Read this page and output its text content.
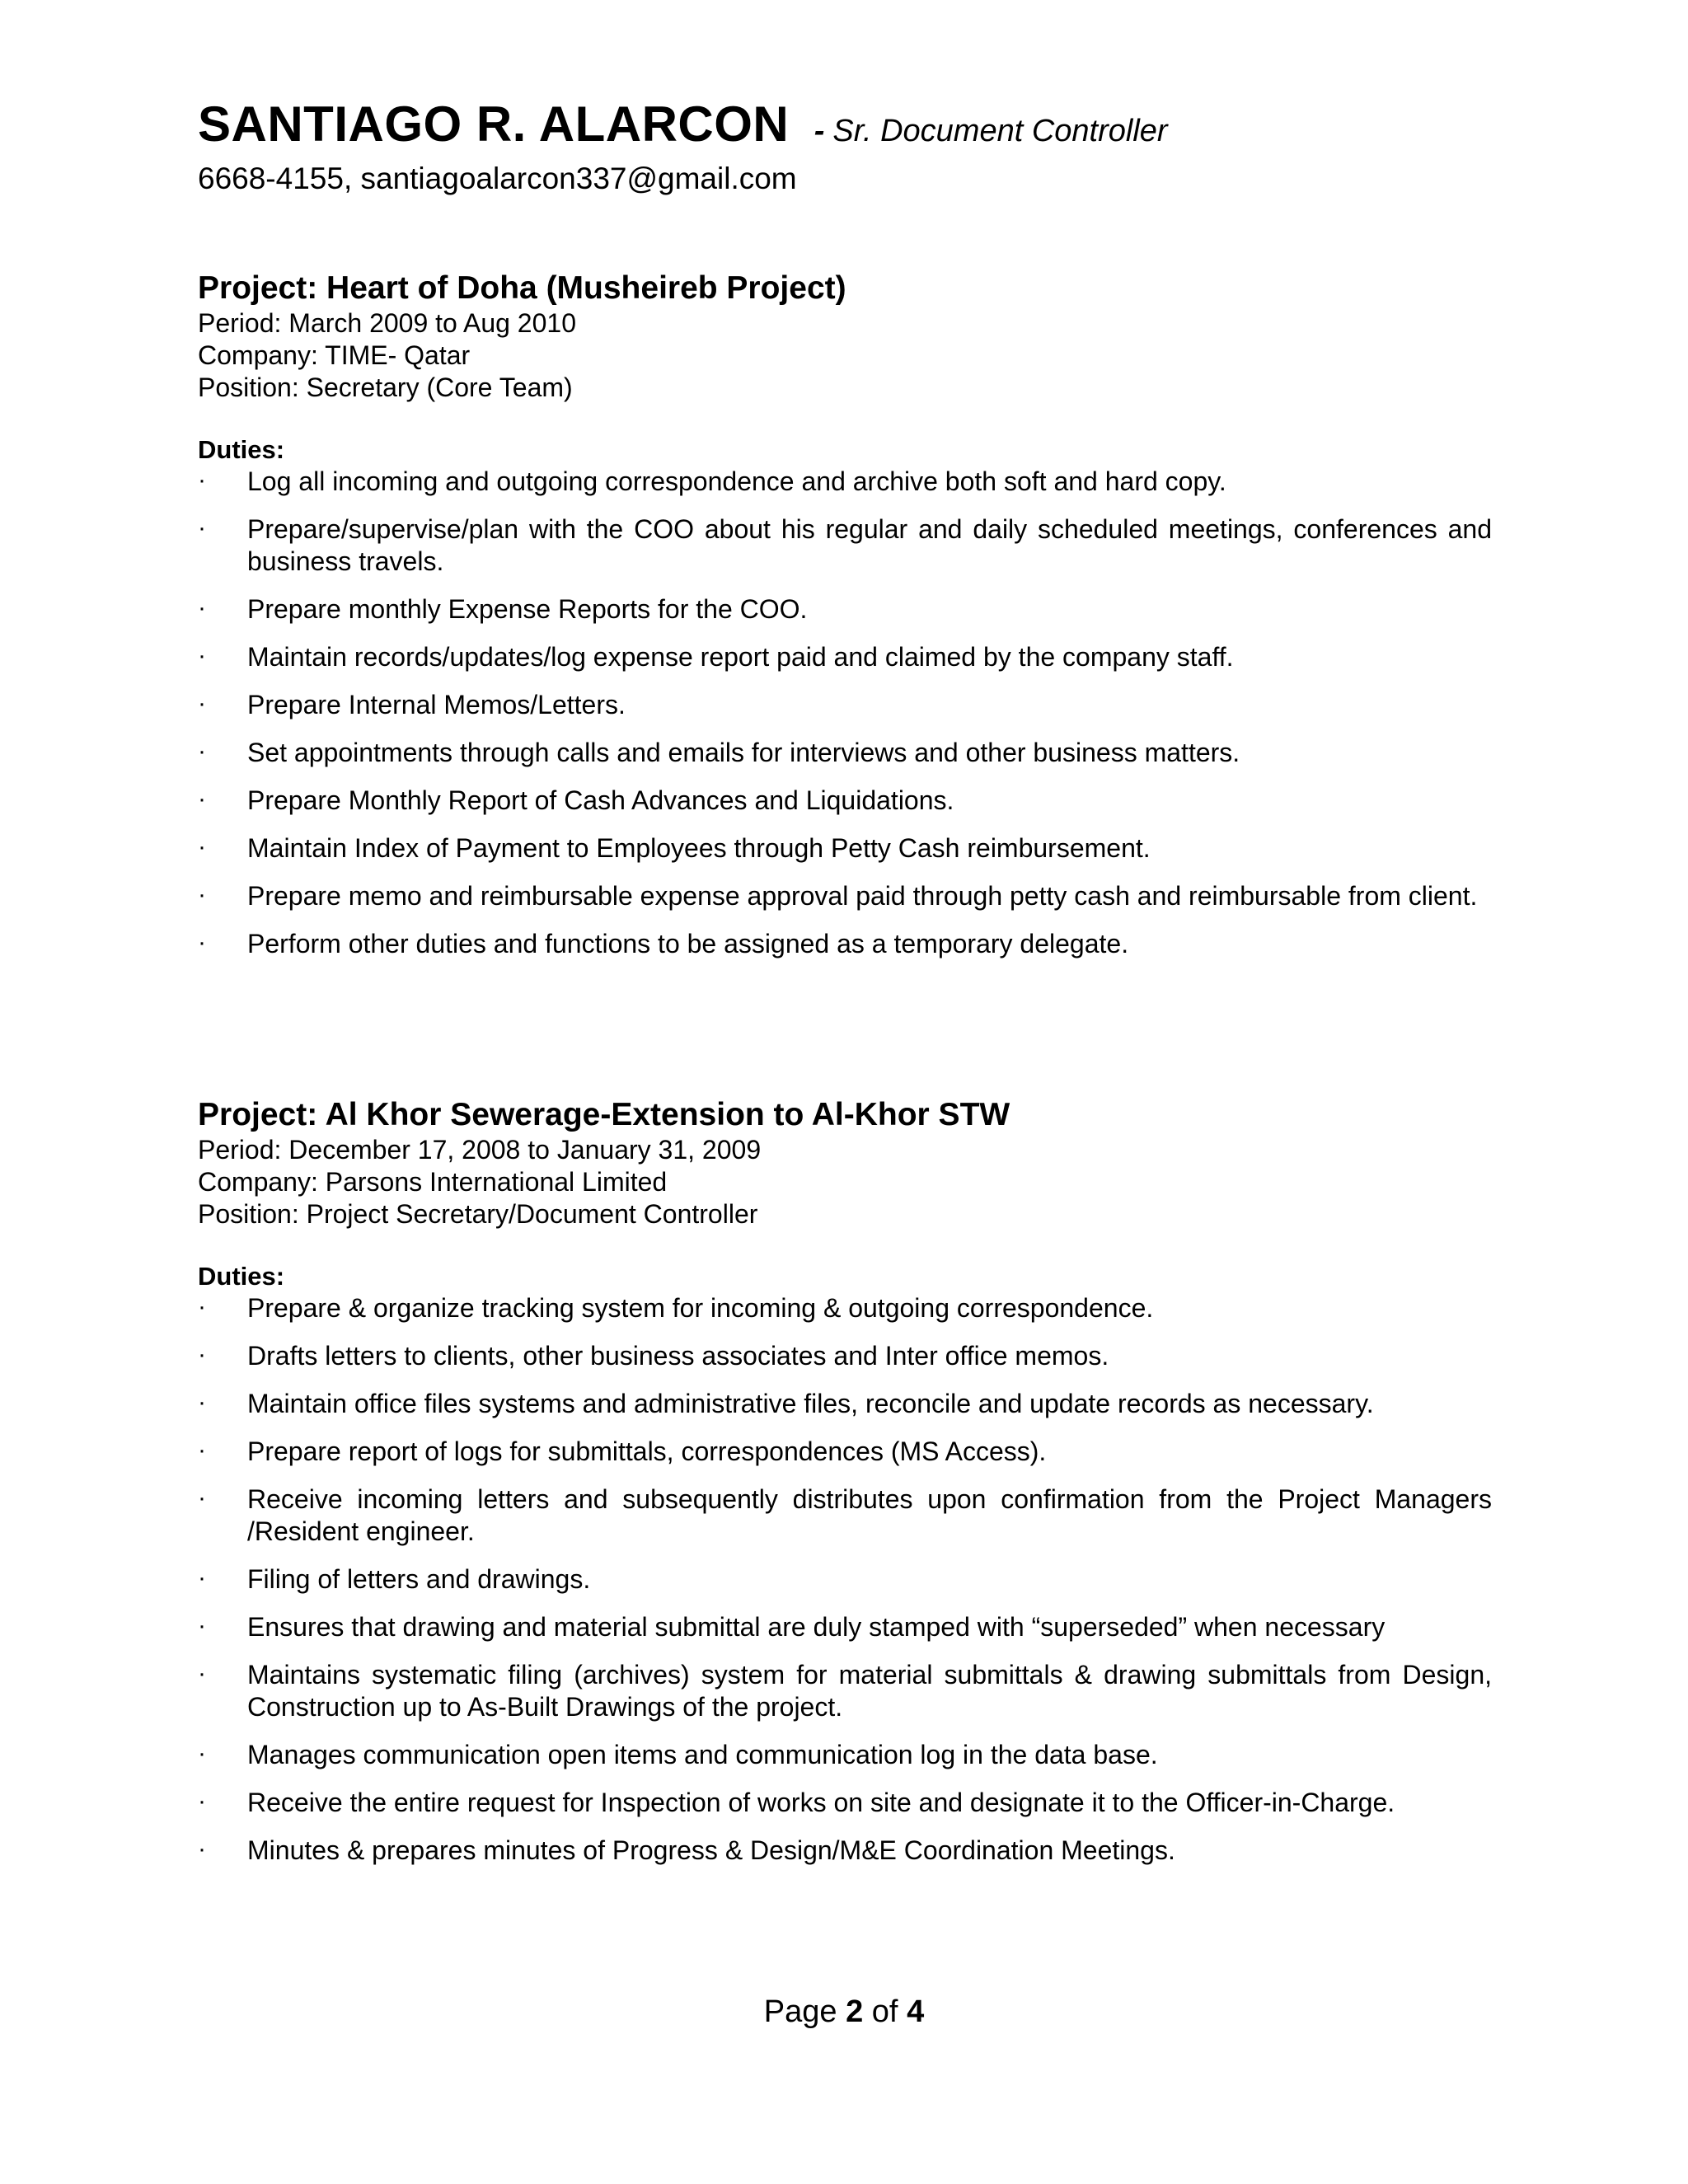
SANTIAGO R. ALARCON - Sr. Document Controller
6668-4155, santiagoalarcon337@gmail.com
Project: Heart of Doha (Musheireb Project)
Period: March 2009 to Aug 2010
Company: TIME- Qatar
Position: Secretary (Core Team)
Duties:
·	Log all incoming and outgoing correspondence and archive both soft and hard copy.
·	Prepare/supervise/plan with the COO about his regular and daily scheduled meetings, conferences and business travels.
·	Prepare monthly Expense Reports for the COO.
·	Maintain records/updates/log expense report paid and claimed by the company staff.
·	Prepare Internal Memos/Letters.
·	Set appointments through calls and emails for interviews and other business matters.
·	Prepare Monthly Report of Cash Advances and Liquidations.
·	Maintain Index of Payment to Employees through Petty Cash reimbursement.
·	Prepare memo and reimbursable expense approval paid through petty cash and reimbursable from client.
·	Perform other duties and functions to be assigned as a temporary delegate.
Project: Al Khor Sewerage-Extension to Al-Khor STW
Period: December 17, 2008 to January 31, 2009
Company: Parsons International Limited
Position: Project Secretary/Document Controller
Duties:
·	Prepare & organize tracking system for incoming & outgoing correspondence.
·	Drafts letters to clients, other business associates and Inter office memos.
·	Maintain office files systems and administrative files, reconcile and update records as necessary.
·	Prepare report of logs for submittals, correspondences (MS Access).
·	Receive incoming letters and subsequently distributes upon confirmation from the Project Managers /Resident engineer.
·	Filing of letters and drawings.
·	Ensures that drawing and material submittal are duly stamped with “superseded” when necessary
·	Maintains systematic filing (archives) system for material submittals & drawing submittals from Design, Construction up to As-Built Drawings of the project.
·	Manages communication open items and communication log in the data base.
·	Receive the entire request for Inspection of works on site and designate it to the Officer-in-Charge.
·	Minutes & prepares minutes of Progress & Design/M&E Coordination Meetings.
Page 2 of 4
